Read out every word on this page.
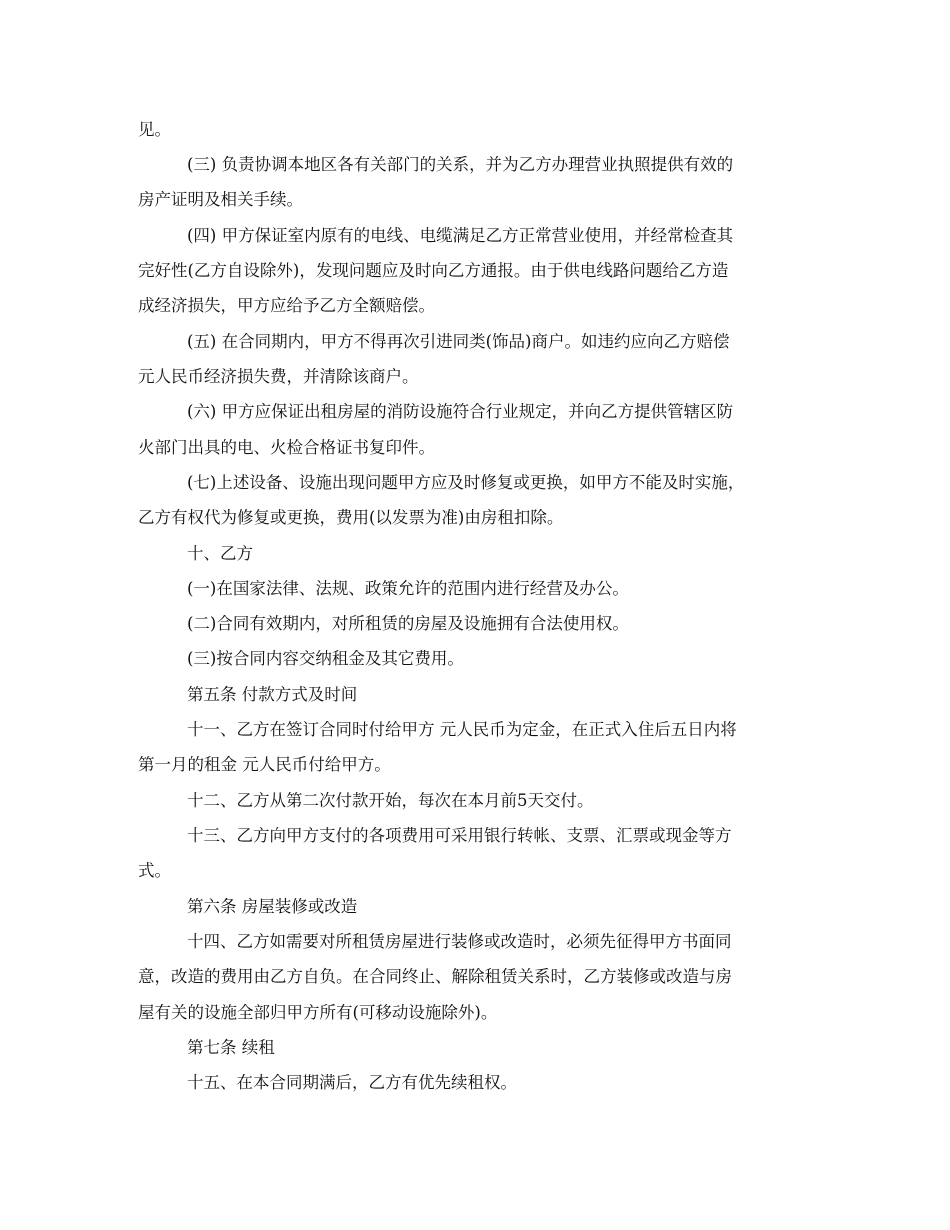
见。
(三) 负责协调本地区各有关部门的关系，并为乙方办理营业执照提供有效的
房产证明及相关手续。
(四) 甲方保证室内原有的电线、电缆满足乙方正常营业使用，并经常检查其
完好性(乙方自设除外)，发现问题应及时向乙方通报。由于供电线路问题给乙方造
成经济损失，甲方应给予乙方全额赔偿。
(五) 在合同期内，甲方不得再次引进同类(饰品)商户。如违约应向乙方赔偿
元人民币经济损失费，并清除该商户。
(六) 甲方应保证出租房屋的消防设施符合行业规定，并向乙方提供管辖区防
火部门出具的电、火检合格证书复印件。
(七)上述设备、设施出现问题甲方应及时修复或更换，如甲方不能及时实施，
乙方有权代为修复或更换，费用(以发票为准)由房租扣除。
十、乙方
(一)在国家法律、法规、政策允许的范围内进行经营及办公。
(二)合同有效期内，对所租赁的房屋及设施拥有合法使用权。
(三)按合同内容交纳租金及其它费用。
第五条 付款方式及时间
十一、乙方在签订合同时付给甲方 元人民币为定金，在正式入住后五日内将
第一月的租金 元人民币付给甲方。
十二、乙方从第二次付款开始，每次在本月前5天交付。
十三、乙方向甲方支付的各项费用可采用银行转帐、支票、汇票或现金等方
式。
第六条 房屋装修或改造
十四、乙方如需要对所租赁房屋进行装修或改造时，必须先征得甲方书面同
意，改造的费用由乙方自负。在合同终止、解除租赁关系时，乙方装修或改造与房
屋有关的设施全部归甲方所有(可移动设施除外)。
第七条 续租
十五、在本合同期满后，乙方有优先续租权。
